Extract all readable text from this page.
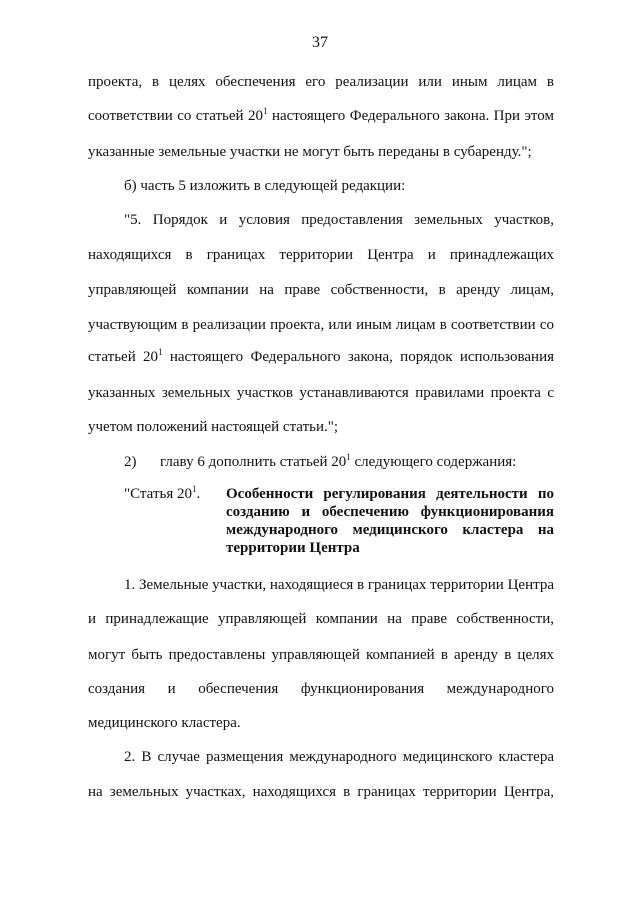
37
проекта, в целях обеспечения его реализации или иным лицам в
соответствии со статьей $20^1$ настоящего Федерального закона. При этом
указанные земельные участки не могут быть переданы в субаренду.";
б) часть 5 изложить в следующей редакции:
"5. Порядок и условия предоставления земельных участков,
находящихся в границах территории Центра и принадлежащих
управляющей компании на праве собственности, в аренду лицам,
участвующим в реализации проекта, или иным лицам в соответствии со
статьей $20^1$ настоящего Федерального закона, порядок использования
указанных земельных участков устанавливаются правилами проекта с
учетом положений настоящей статьи.";
2) главу 6 дополнить статьей $20^1$ следующего содержания:
"Статья $20^1$. Особенности регулирования деятельности по
созданию и обеспечению функционирования
международного медицинского кластера на
территории Центра
1. Земельные участки, находящиеся в границах территории Центра
и принадлежащие управляющей компании на праве собственности,
могут быть предоставлены управляющей компанией в аренду в целях
создания и обеспечения функционирования международного
медицинского кластера.
2. В случае размещения международного медицинского кластера
на земельных участках, находящихся в границах территории Центра,
